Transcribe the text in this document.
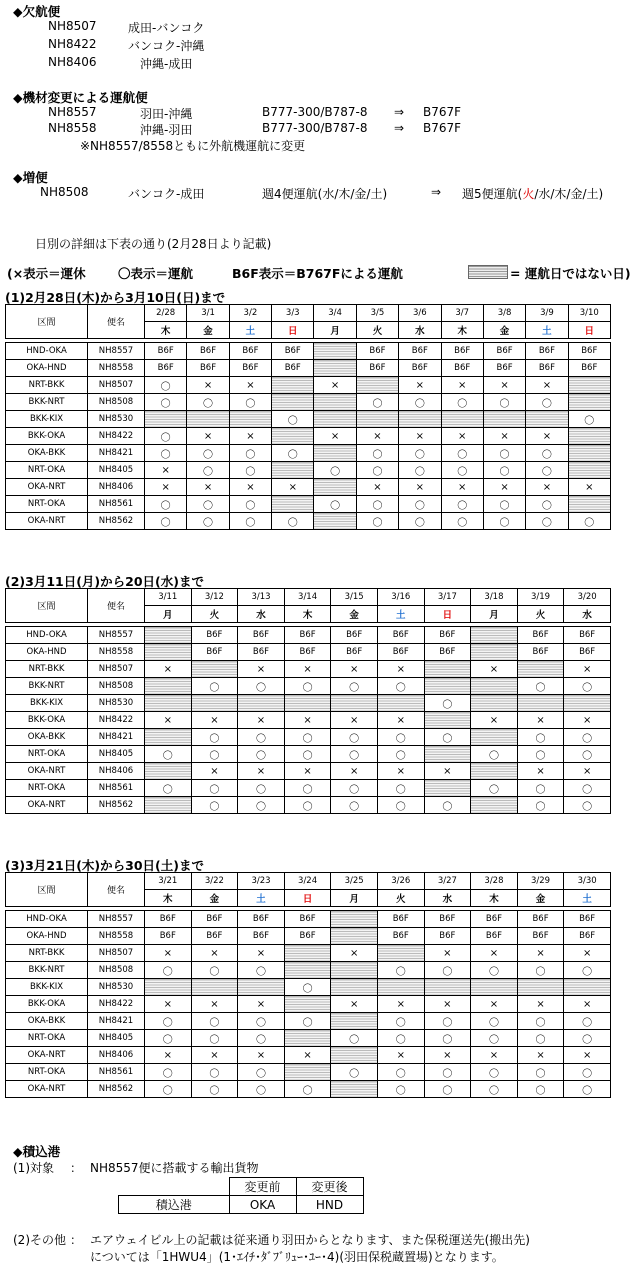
◆欠航便
NH8507	成田-バンコク
NH8422	バンコク-沖縄
NH8406	沖縄-成田
◆機材変更による運航便
NH8557	羽田-沖縄	B777-300/B787-8 ⇒ B767F
NH8558	沖縄-羽田	B777-300/B787-8 ⇒ B767F
※NH8557/8558ともに外航機運航に変更
◆増便
NH8508	バンコク-成田	週4便運航(水/木/金/土)	⇒ 週5便運航(火/水/木/金/土)
日別の詳細は下表の通り(2月28日より記載)
(×表示＝運休	〇表示＝運航	B6F表示＝B767Fによる運航	= 運航日ではない日)
(1)2月28日(木)から3月10日(日)まで
(2)3月11日(月)から20日(水)まで
(3)3月21日(木)から30日(土)まで
区間	便名	2/28	3/1	3/2	3/3	3/4	3/5	3/6	3/7	3/8	3/9	3/10
		木	金	土	日	月	火	水	木	金	土	日

HND-OKA	NH8557	B6F	B6F	B6F	B6F		B6F	B6F	B6F	B6F	B6F	B6F
OKA-HND	NH8558	B6F	B6F	B6F	B6F		B6F	B6F	B6F	B6F	B6F	B6F
NRT-BKK	NH8507	〇	×	×		×		×	×	×	×	
BKK-NRT	NH8508	〇	〇	〇			〇	〇	〇	〇	〇	
BKK-KIX	NH8530				〇							〇
BKK-OKA	NH8422	〇	×	×		×	×	×	×	×	×	
OKA-BKK	NH8421	〇	〇	〇	〇		〇	〇	〇	〇	〇	
NRT-OKA	NH8405	×	〇	〇		〇	〇	〇	〇	〇	〇	
OKA-NRT	NH8406	×	×	×	×		×	×	×	×	×	×
NRT-OKA	NH8561	〇	〇	〇		〇	〇	〇	〇	〇	〇	
OKA-NRT	NH8562	〇	〇	〇	〇		〇	〇	〇	〇	〇	〇
区間	便名	3/11	3/12	3/13	3/14	3/15	3/16	3/17	3/18	3/19	3/20
		月	火	水	木	金	土	日	月	火	水

HND-OKA	NH8557		B6F	B6F	B6F	B6F	B6F	B6F		B6F	B6F
OKA-HND	NH8558		B6F	B6F	B6F	B6F	B6F	B6F		B6F	B6F
NRT-BKK	NH8507	×		×	×	×	×		×		×
BKK-NRT	NH8508		〇	〇	〇	〇	〇			〇	〇
BKK-KIX	NH8530							〇			
BKK-OKA	NH8422	×	×	×	×	×	×		×	×	×
OKA-BKK	NH8421		〇	〇	〇	〇	〇	〇		〇	〇
NRT-OKA	NH8405	〇	〇	〇	〇	〇	〇		〇	〇	〇
OKA-NRT	NH8406		×	×	×	×	×	×		×	×
NRT-OKA	NH8561	〇	〇	〇	〇	〇	〇		〇	〇	〇
OKA-NRT	NH8562		〇	〇	〇	〇	〇	〇		〇	〇
区間	便名	3/21	3/22	3/23	3/24	3/25	3/26	3/27	3/28	3/29	3/30
		木	金	土	日	月	火	水	木	金	土

HND-OKA	NH8557	B6F	B6F	B6F	B6F		B6F	B6F	B6F	B6F	B6F
OKA-HND	NH8558	B6F	B6F	B6F	B6F		B6F	B6F	B6F	B6F	B6F
NRT-BKK	NH8507	×	×	×		×		×	×	×	×
BKK-NRT	NH8508	〇	〇	〇			〇	〇	〇	〇	〇
BKK-KIX	NH8530				〇						
BKK-OKA	NH8422	×	×	×		×	×	×	×	×	×
OKA-BKK	NH8421	〇	〇	〇	〇		〇	〇	〇	〇	〇
NRT-OKA	NH8405	〇	〇	〇		〇	〇	〇	〇	〇	〇
OKA-NRT	NH8406	×	×	×	×		×	×	×	×	×
NRT-OKA	NH8561	〇	〇	〇		〇	〇	〇	〇	〇	〇
OKA-NRT	NH8562	〇	〇	〇	〇		〇	〇	〇	〇	〇
◆積込港
(1)対象 ： NH8557便に搭載する輸出貨物
	変更前	変更後
積込港	OKA	HND
(2)その他 ： エアウェイビル上の記載は従来通り羽田からとなります、また保税運送先(搬出先)
については「1HWU4」(1･ｴｲﾁ･ﾀﾞﾌﾞﾘｭｰ･ﾕｰ･4)(羽田保税蔵置場)となります。
